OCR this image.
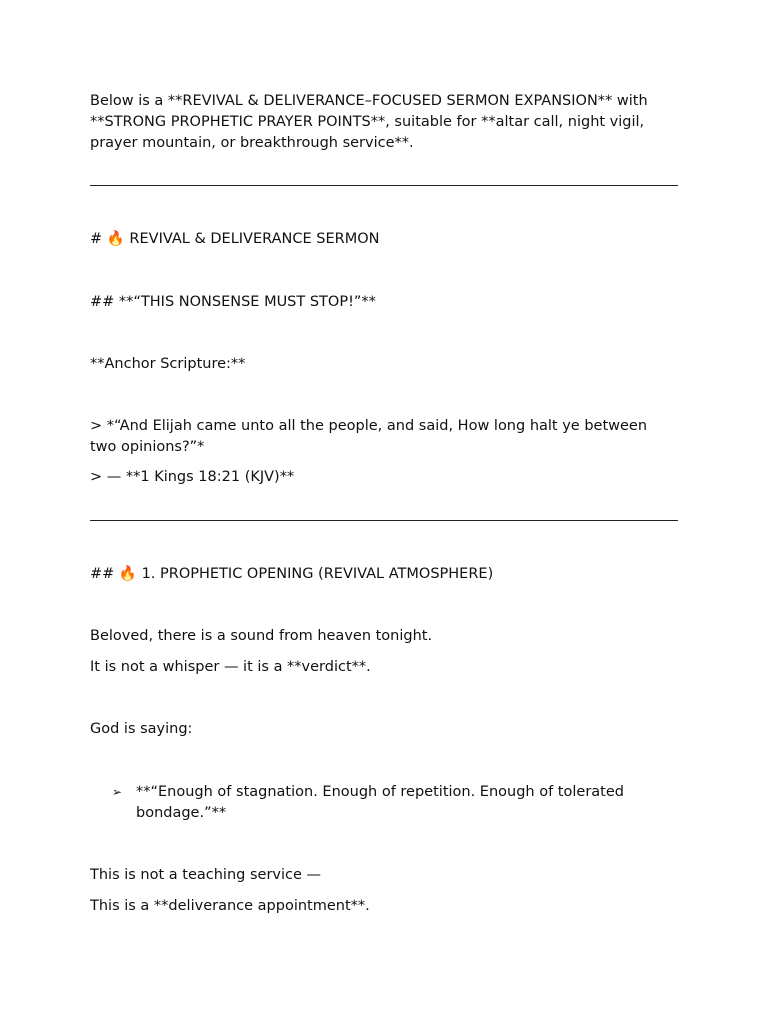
Below is a **REVIVAL & DELIVERANCE–FOCUSED SERMON EXPANSION** with **STRONG PROPHETIC PRAYER POINTS**, suitable for **altar call, night vigil, prayer mountain, or breakthrough service**.
# 🔥 REVIVAL & DELIVERANCE SERMON
## **“THIS NONSENSE MUST STOP!”**
**Anchor Scripture:**
> *“And Elijah came unto all the people, and said, How long halt ye between two opinions?”*
> — **1 Kings 18:21 (KJV)**
## 🔥 1. PROPHETIC OPENING (REVIVAL ATMOSPHERE)
Beloved, there is a sound from heaven tonight.
It is not a whisper — it is a **verdict**.
God is saying:
➢ **“Enough of stagnation. Enough of repetition. Enough of tolerated bondage.”**
This is not a teaching service —
This is a **deliverance appointment**.
